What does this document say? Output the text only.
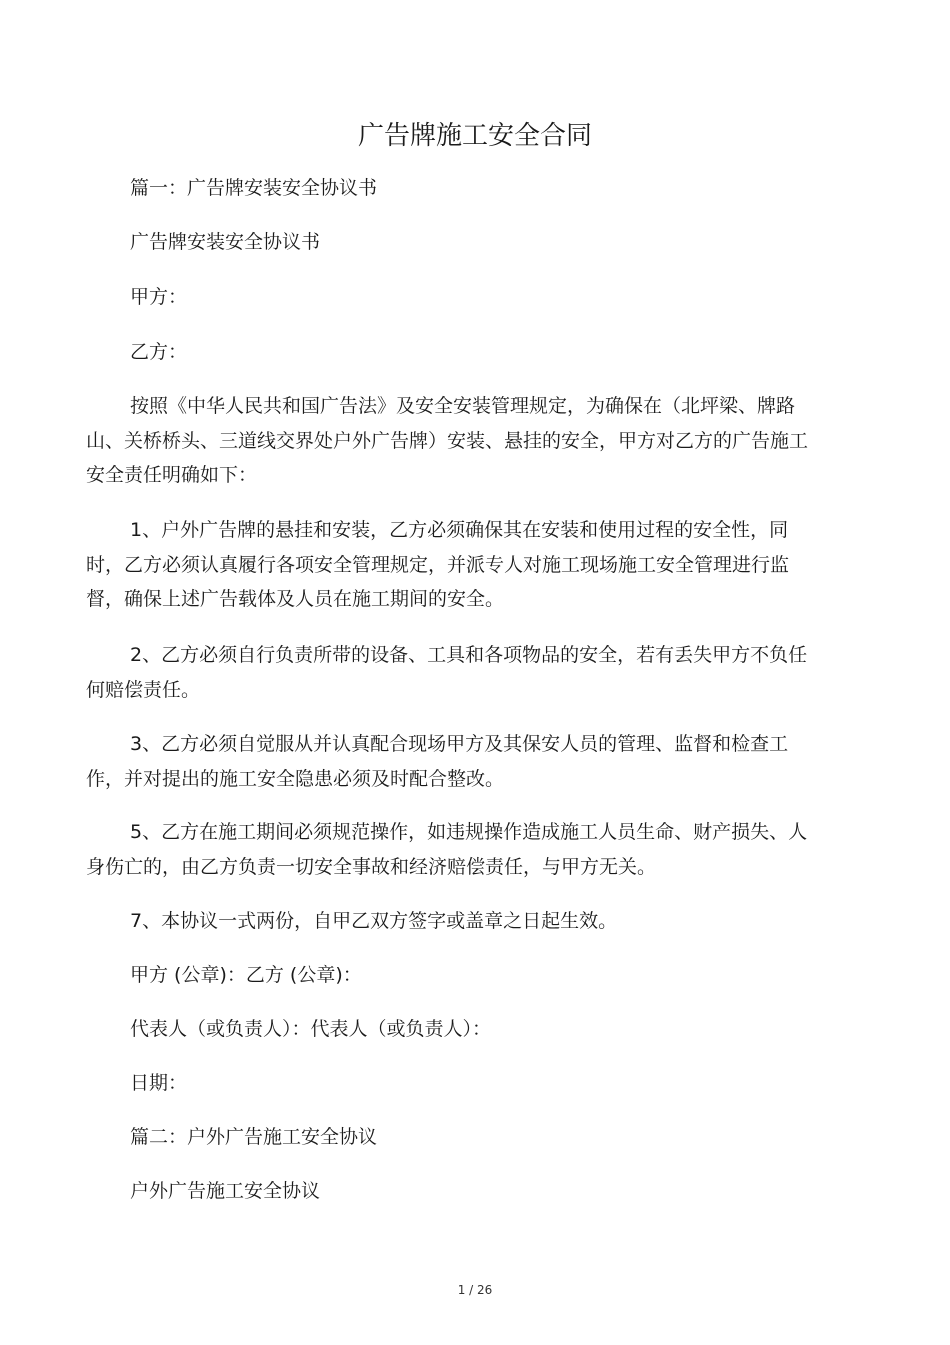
广告牌施工安全合同

篇一：广告牌安装安全协议书

广告牌安装安全协议书

甲方：

乙方：

按照《中华人民共和国广告法》及安全安装管理规定，为确保在（北坪梁、牌路山、关桥桥头、三道线交界处户外广告牌）安装、悬挂的安全，甲方对乙方的广告施工安全责任明确如下：

1、户外广告牌的悬挂和安装，乙方必须确保其在安装和使用过程的安全性，同时，乙方必须认真履行各项安全管理规定，并派专人对施工现场施工安全管理进行监督，确保上述广告载体及人员在施工期间的安全。

2、乙方必须自行负责所带的设备、工具和各项物品的安全，若有丢失甲方不负任何赔偿责任。

3、乙方必须自觉服从并认真配合现场甲方及其保安人员的管理、监督和检查工作，并对提出的施工安全隐患必须及时配合整改。

5、乙方在施工期间必须规范操作，如违规操作造成施工人员生命、财产损失、人身伤亡的，由乙方负责一切安全事故和经济赔偿责任，与甲方无关。

7、本协议一式两份，自甲乙双方签字或盖章之日起生效。

甲方 (公章)：乙方 (公章)：

代表人（或负责人）：代表人（或负责人）：

日期：

篇二：户外广告施工安全协议

户外广告施工安全协议

1 / 26
